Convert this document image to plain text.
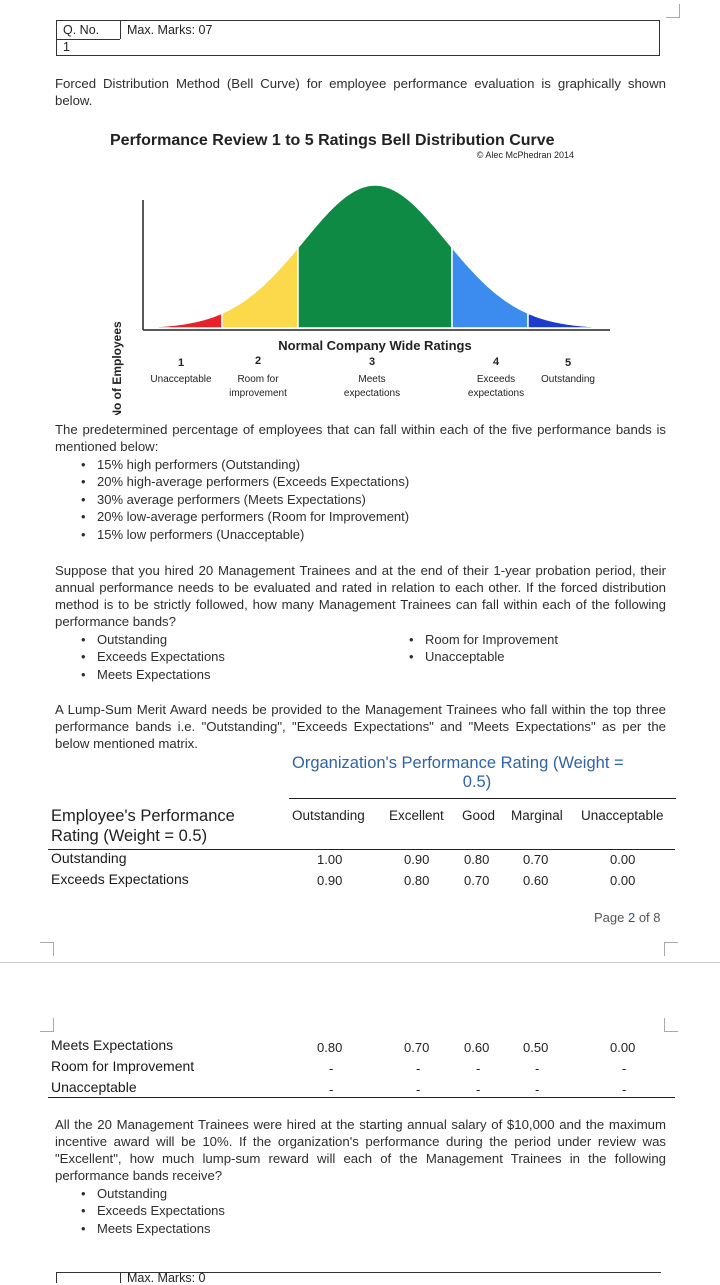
Q. No.
1
Max. Marks: 07
Forced Distribution Method (Bell Curve) for employee performance evaluation is graphically shown below.
Performance Review 1 to 5 Ratings Bell Distribution Curve
© Alec McPhedran 2014
No of Employees	Normal Company Wide Ratings
1
Unacceptable
2
Room for
improvement
3
Meets
expectations
4
Exceeds
expectations
5
Outstanding
The predetermined percentage of employees that can fall within each of the five performance bands is mentioned below:
• 15% high performers (Outstanding)
• 20% high-average performers (Exceeds Expectations)
• 30% average performers (Meets Expectations)
• 20% low-average performers (Room for Improvement)
• 15% low performers (Unacceptable)
Suppose that you hired 20 Management Trainees and at the end of their 1-year probation period, their annual performance needs to be evaluated and rated in relation to each other. If the forced distribution method is to be strictly followed, how many Management Trainees can fall within each of the following performance bands?
• Outstanding
• Exceeds Expectations
• Meets Expectations
• Room for Improvement
• Unacceptable
A Lump-Sum Merit Award needs be provided to the Management Trainees who fall within the top three performance bands i.e. "Outstanding", "Exceeds Expectations" and "Meets Expectations" as per the below mentioned matrix.
Organization's Performance Rating (Weight =
0.5)
Employee's Performance
Rating (Weight = 0.5)
Outstanding Excellent Good Marginal Unacceptable
Outstanding	1.00	0.90	0.80	0.70	0.00
Exceeds Expectations	0.90	0.80	0.70	0.60	0.00
Page 2 of 8
Meets Expectations	0.80	0.70	0.60	0.50	0.00
Room for Improvement	-	-	-	-	-
Unacceptable	-	-	-	-	-
All the 20 Management Trainees were hired at the starting annual salary of $10,000 and the maximum incentive award will be 10%. If the organization's performance during the period under review was "Excellent", how much lump-sum reward will each of the Management Trainees in the following performance bands receive?
• Outstanding
• Exceeds Expectations
• Meets Expectations
Max. Marks: 0
